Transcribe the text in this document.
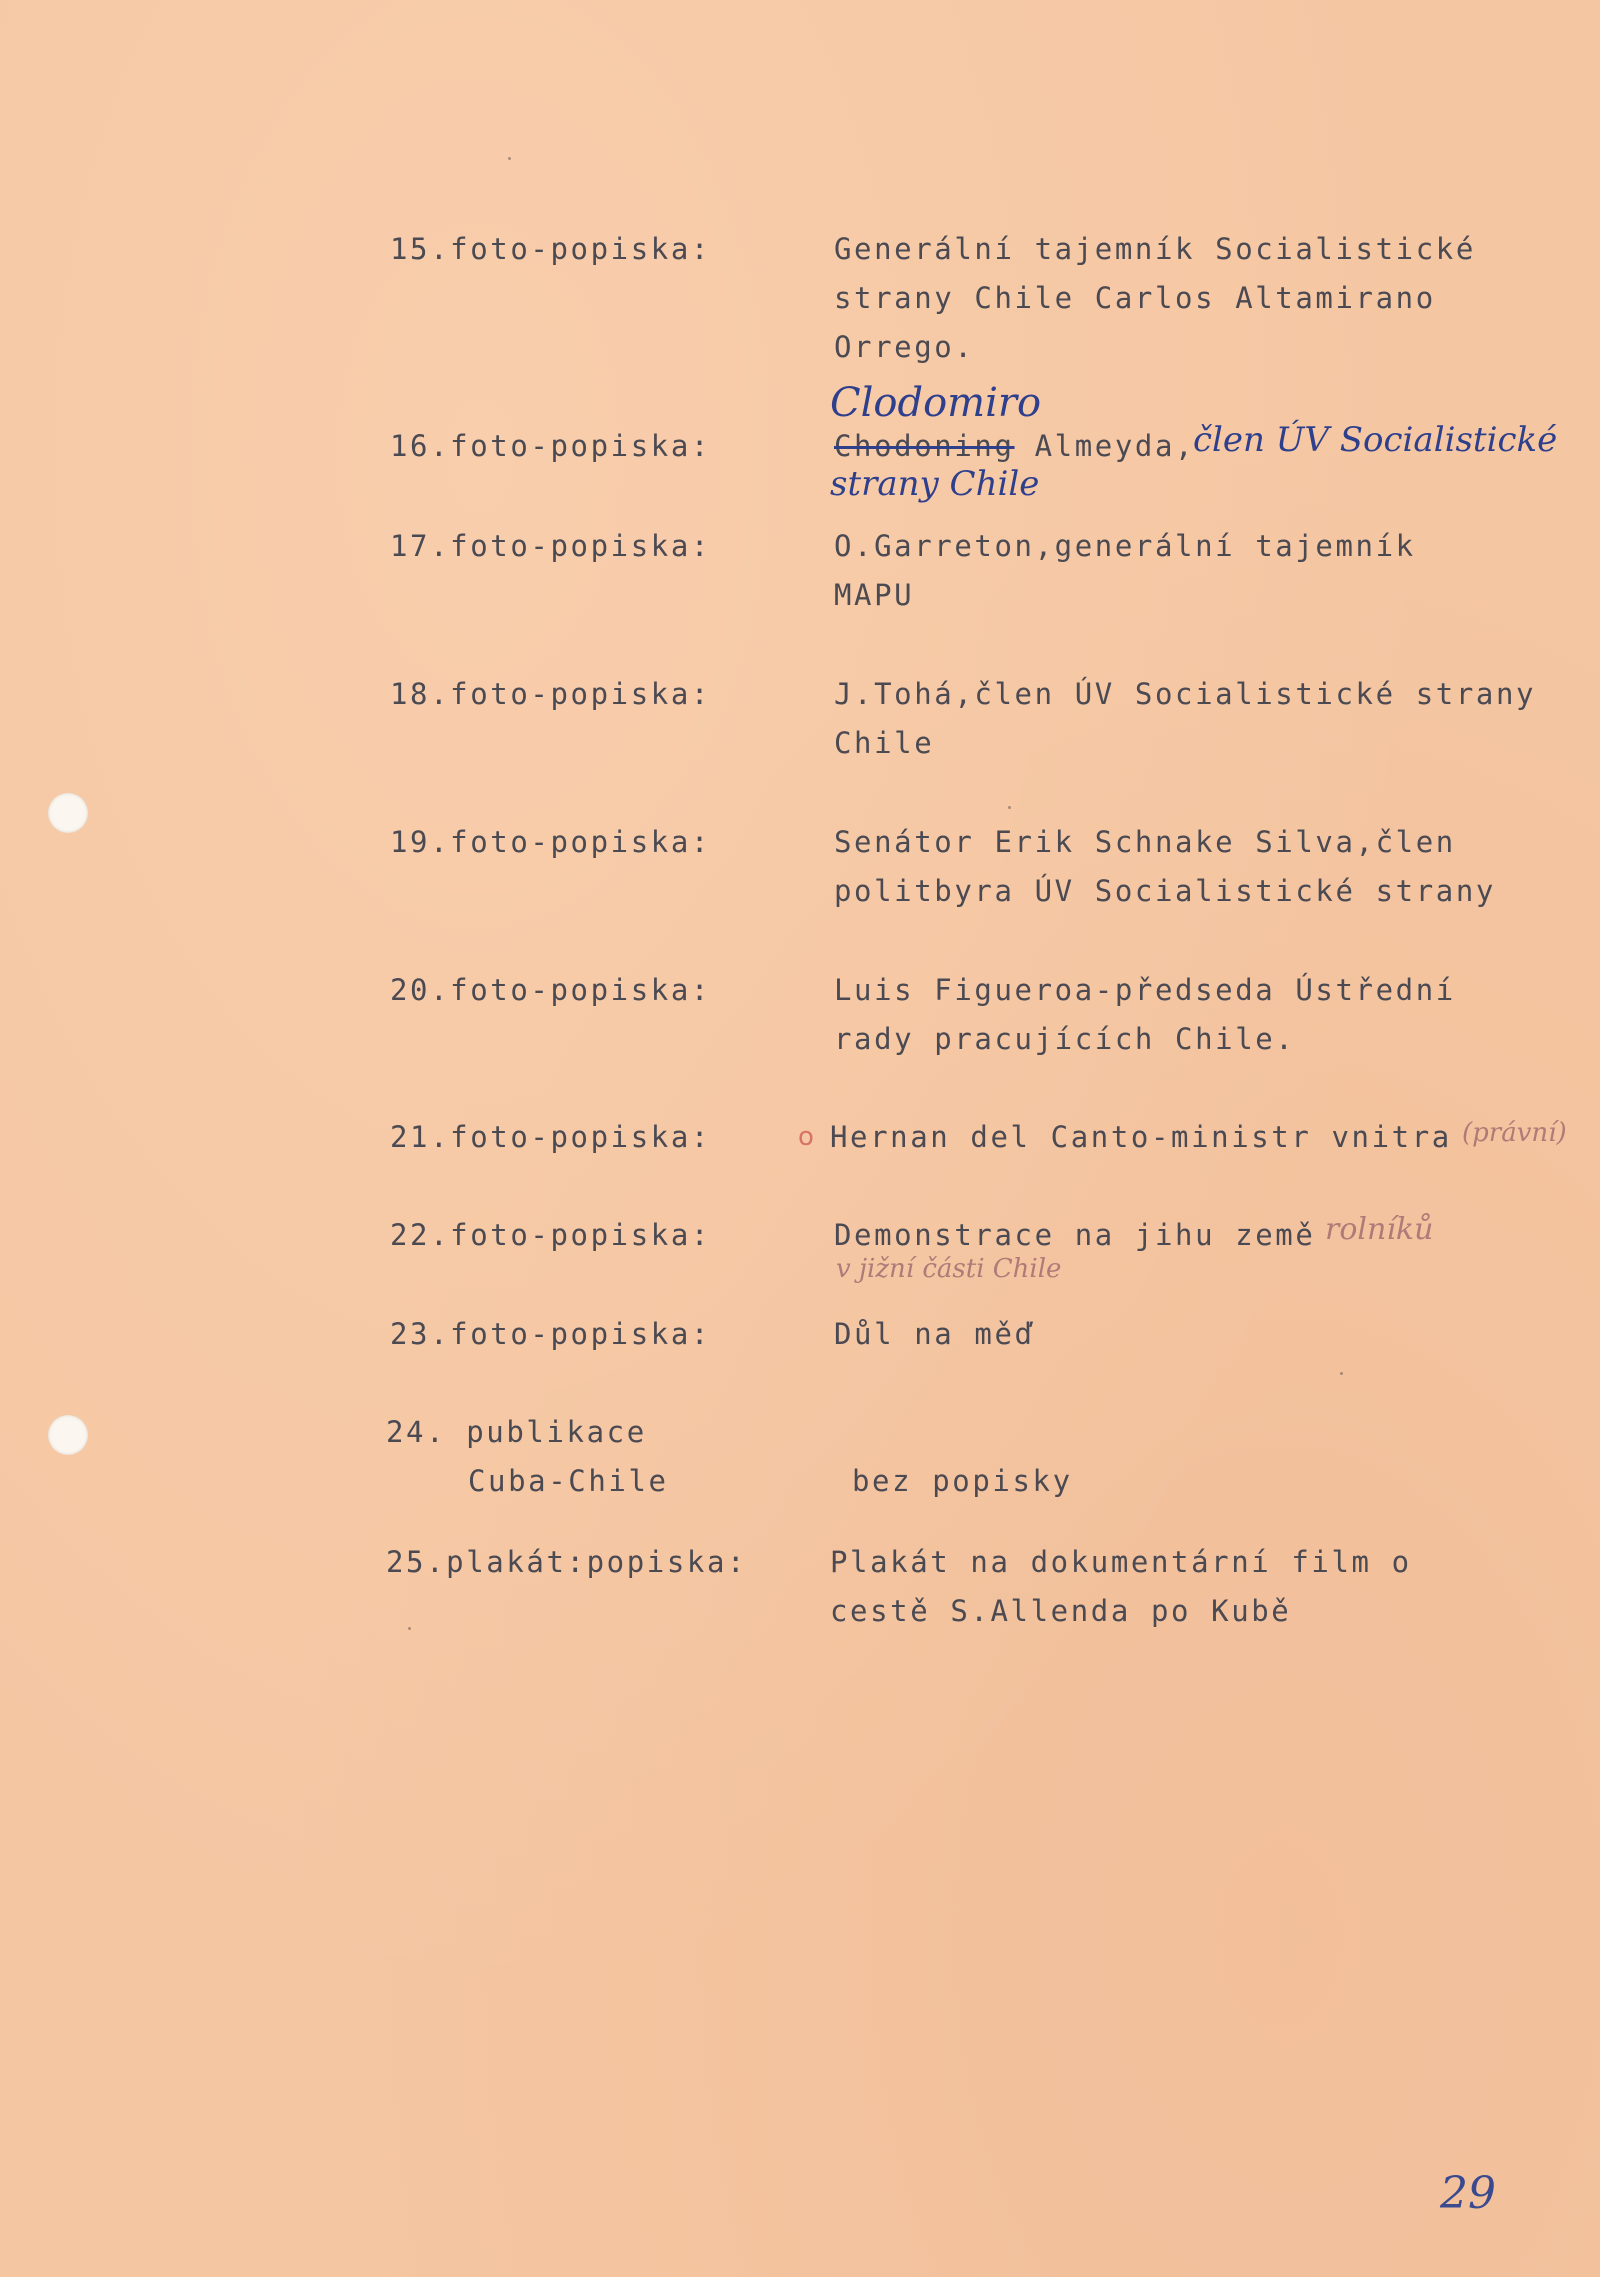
15.foto-popiska:	Generální tajemník Socialistické

strany Chile Carlos Altamirano

Orrego.

16.foto-popiska:

Clodomiro

Chodoning Almeyda,

člen ÚV Socialistické
strany Chile

17.foto-popiska:	O.Garreton,generální tajemník

MAPU

18.foto-popiska:	J.Tohá,člen ÚV Socialistické strany

Chile

19.foto-popiska:	Senátor Erik Schnake Silva,člen

politbyra ÚV Socialistické strany

20.foto-popiska:	Luis Figueroa-předseda Ústřední

rady pracujících Chile.

21.foto-popiska:	o Hernan del Canto-ministr vnitra (právní)

22.foto-popiska:	Demonstrace na jihu země rolníků
v jižní části Chile

23.foto-popiska:	Důl na měď

24. publikace

Cuba-Chile	bez popisky

25.plakát:popiska:	Plakát na dokumentární film o

cestě S.Allenda po Kubě

29
